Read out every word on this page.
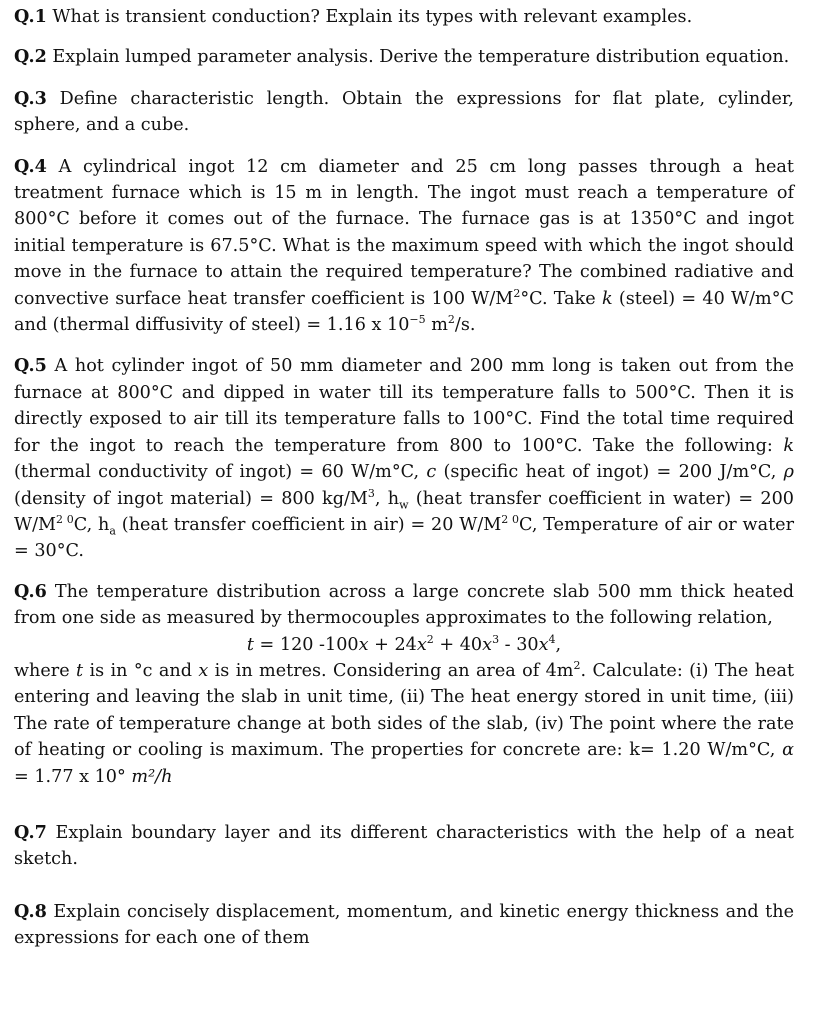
Q.1 What is transient conduction? Explain its types with relevant examples.

Q.2 Explain lumped parameter analysis. Derive the temperature distribution equation.

Q.3 Define characteristic length. Obtain the expressions for flat plate, cylinder, sphere, and a cube.

Q.4 A cylindrical ingot 12 cm diameter and 25 cm long passes through a heat treatment furnace which is 15 m in length. The ingot must reach a temperature of 800°C before it comes out of the furnace. The furnace gas is at 1350°C and ingot initial temperature is 67.5°C. What is the maximum speed with which the ingot should move in the furnace to attain the required temperature? The combined radiative and convective surface heat transfer coefficient is 100 $W/M^2^\circ C$. Take k (steel) = 40 W/m°C and (thermal diffusivity of steel) = 1.16 x $10^{-5}$ $m^2/s$.

Q.5 A hot cylinder ingot of 50 mm diameter and 200 mm long is taken out from the furnace at 800°C and dipped in water till its temperature falls to 500°C. Then it is directly exposed to air till its temperature falls to 100°C. Find the total time required for the ingot to reach the temperature from 800 to 100°C. Take the following: k (thermal conductivity of ingot) = 60 W/m°C, c (specific heat of ingot) = 200 J/m°C, ρ (density of ingot material) = 800 $kg/M^3$, $h_w$ (heat transfer coefficient in water) = 200 $W/M^{2 0}C$, $h_a$ (heat transfer coefficient in air) = 20 $W/M^{2 0}C$, Temperature of air or water = 30°C.

Q.6 The temperature distribution across a large concrete slab 500 mm thick heated from one side as measured by thermocouples approximates to the following relation,

t = 120 $-100x + 24x^2 + 40x^3 - 30x^4$,

where t is in °c and x is in metres. Considering an area of $4m^2$. Calculate: (i) The heat entering and leaving the slab in unit time, (ii) The heat energy stored in unit time, (iii) The rate of temperature change at both sides of the slab, (iv) The point where the rate of heating or cooling is maximum. The properties for concrete are: k= 1.20 W/m°C, α = 1.77 x 10° m²/h

Q.7 Explain boundary layer and its different characteristics with the help of a neat sketch.

Q.8 Explain concisely displacement, momentum, and kinetic energy thickness and the expressions for each one of them
